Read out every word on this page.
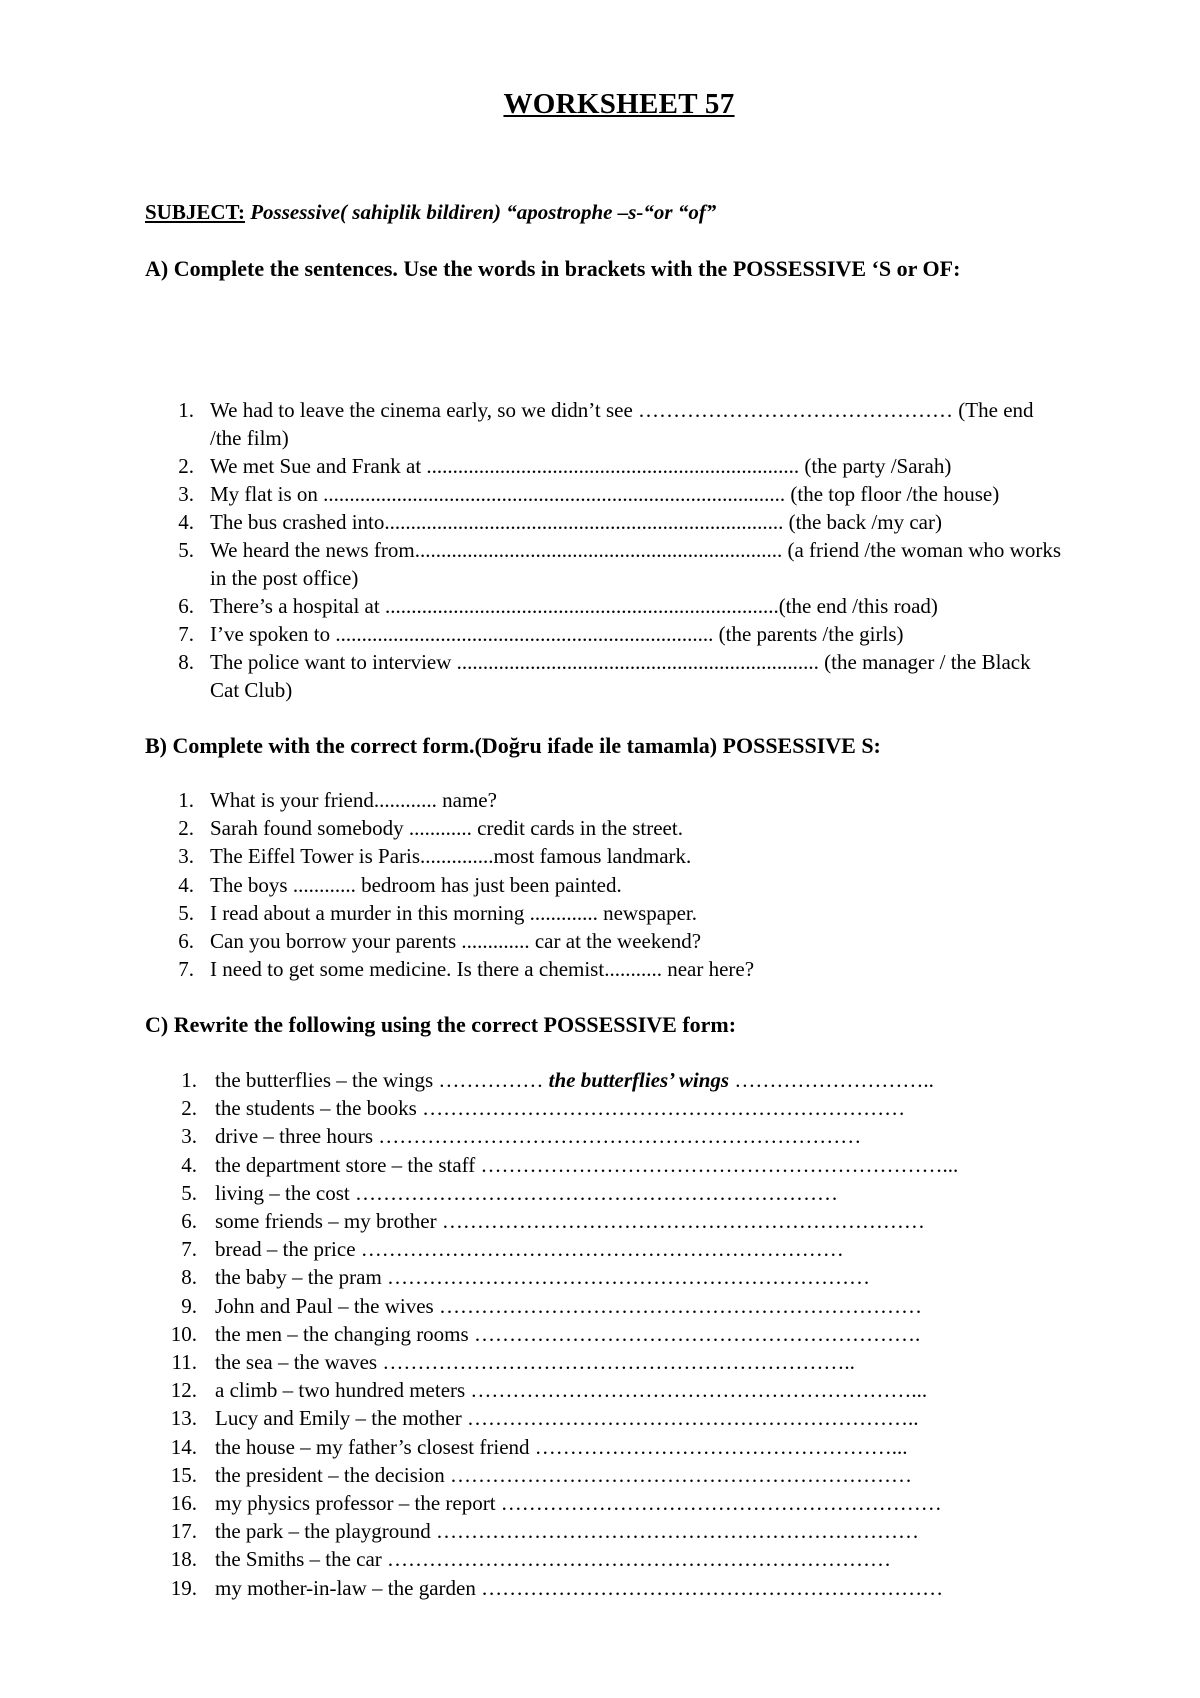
WORKSHEET 57
SUBJECT: Possessive( sahiplik bildiren) “apostrophe –s-“or “of”
A) Complete the sentences. Use the words in brackets with the POSSESSIVE ‘S or OF:
1. We had to leave the cinema early, so we didn’t see ……………………………………… (The end /the film)
2. We met Sue and Frank at ....................................................................... (the party /Sarah)
3. My flat is on ........................................................................................ (the top floor /the house)
4. The bus crashed into............................................................................ (the back /my car)
5. We heard the news from...................................................................... (a friend /the woman who works in the post office)
6. There’s a hospital at ...........................................................................(the end /this road)
7. I’ve spoken to ........................................................................ (the parents /the girls)
8. The police want to interview ..................................................................... (the manager / the Black Cat Club)
B) Complete with the correct form.(Doğru ifade ile tamamla) POSSESSIVE S:
1. What is your friend............ name?
2. Sarah found somebody ............ credit cards in the street.
3. The Eiffel Tower is Paris..............most famous landmark.
4. The boys ............ bedroom has just been painted.
5. I read about a murder in this morning ............. newspaper.
6. Can you borrow your parents ............. car at the weekend?
7. I need to get some medicine. Is there a chemist........... near here?
C) Rewrite the following using the correct POSSESSIVE form:
1. the butterflies – the wings …………… the butterflies’ wings ………………………..
2. the students – the books ……………………………………………………………
3. drive – three hours ……………………………………………………………
4. the department store – the staff …………………………………………………………...
5. living – the cost ……………………………………………………………
6. some friends – my brother ……………………………………………………………
7. bread – the price ……………………………………………………………
8. the baby – the pram ……………………………………………………………
9. John and Paul – the wives ……………………………………………………………
10. the men – the changing rooms ……………………………………………………….
11. the sea – the waves …………………………………………………………..
12. a climb – two hundred meters ………………………………………………………...
13. Lucy and Emily – the mother ………………………………………………………..
14. the house – my father’s closest friend ……………………………………………...
15. the president – the decision …………………………………………………………
16. my physics professor – the report ………………………………………………………
17. the park – the playground ……………………………………………………………
18. the Smiths – the car ………………………………………………………………
19. my mother-in-law – the garden …………………………………………………………
